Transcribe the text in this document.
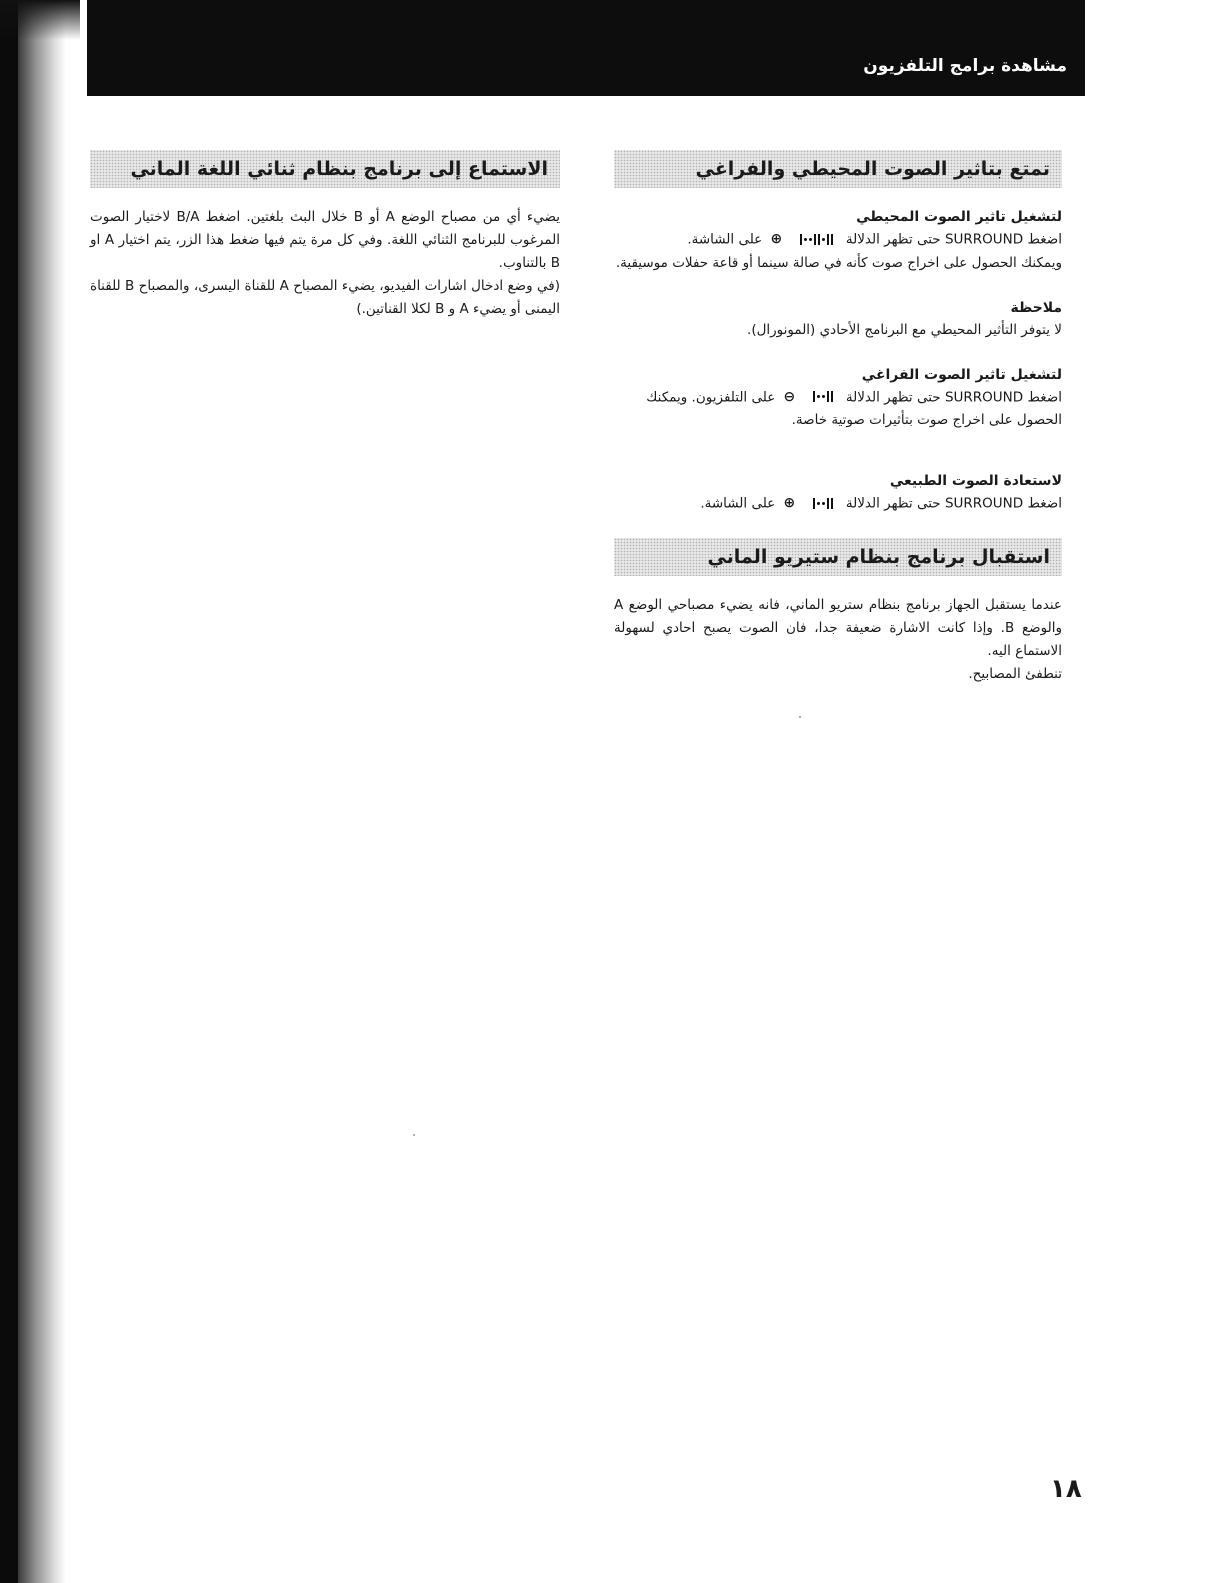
مشاهدة برامج التلفزيون
تمتع بتاثير الصوت المحيطي والفراغي

لتشغيل تاثير الصوت المحيطي

اضغط SURROUND حتى تظهر الدلالة  ⊕ على الشاشة.

ويمكنك الحصول على اخراج صوت كأنه في صالة سينما أو قاعة حفلات موسيقية.

ملاحظة

لا يتوفر التأثير المحيطي مع البرنامج الأحادي (المونورال).

لتشغيل تاثير الصوت الفراغي

اضغط SURROUND حتى تظهر الدلالة  ⊖ على التلفزيون. ويمكنك

الحصول على اخراج صوت بتأثيرات صوتية خاصة.

لاستعادة الصوت الطبيعي

اضغط SURROUND حتى تظهر الدلالة  ⊕ على الشاشة.

استقبال برنامج بنظام ستيريو الماني

عندما يستقبل الجهاز برنامج بنظام ستريو الماني، فانه يضيء مصباحي الوضع A والوضع B. وإذا كانت الاشارة ضعيفة جدا، فان الصوت يصبح احادي لسهولة الاستماع اليه.

تنطفئ المصابيح.

الاستماع إلى برنامج بنظام ثنائي اللغة الماني

يضيء أي من مصباح الوضع A أو B خلال البث بلغتين. اضغط B/A لاختيار الصوت المرغوب للبرنامج الثنائي اللغة. وفي كل مرة يتم فيها ضغط هذا الزر، يتم اختيار A او B بالتناوب.

(في وضع ادخال اشارات الفيديو، يضيء المصباح A للقناة اليسرى، والمصباح B للقناة اليمنى أو يضيء A و B لكلا القناتين.)

١٨
